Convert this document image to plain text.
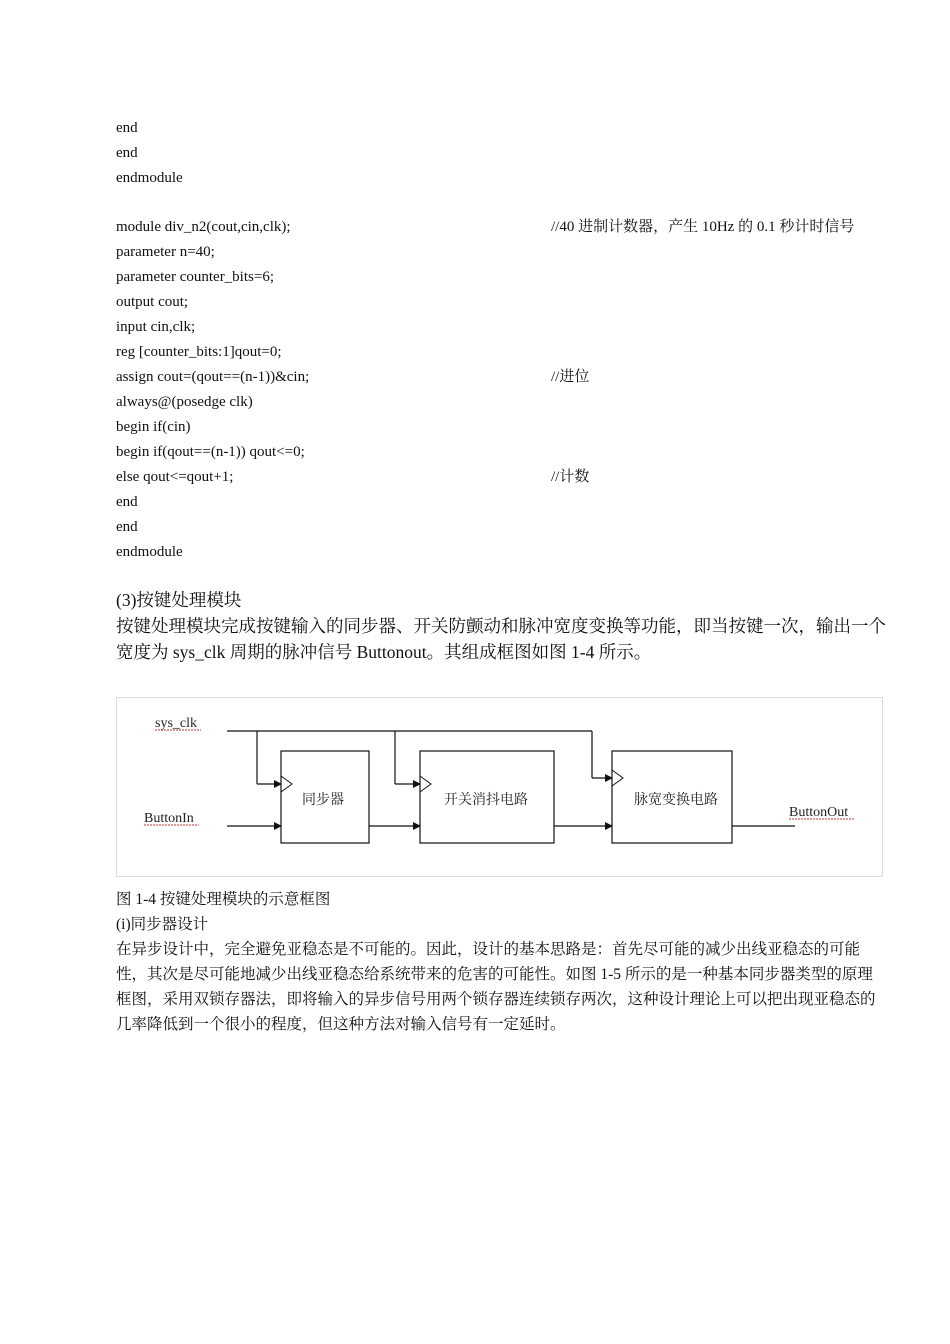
end
end
endmodule
module div_n2(cout,cin,clk);
parameter n=40;
parameter counter_bits=6;
output cout;
input cin,clk;
reg [counter_bits:1]qout=0;
assign cout=(qout==(n-1))&cin;
always@(posedge clk)
begin if(cin)
begin if(qout==(n-1)) qout<=0;
else qout<=qout+1;
end
end
endmodule
//40 进制计数器，产生 10Hz 的 0.1 秒计时信号
//进位
//计数
(3)按键处理模块
按键处理模块完成按键输入的同步器、开关防颤动和脉冲宽度变换等功能，即当按键一次，输出一个宽度为 sys_clk 周期的脉冲信号 Buttonout。其组成框图如图 1-4 所示。
sys_clk
同步器	开关消抖电路	脉宽变换电路
ButtonIn	ButtonOut
图 1-4 按键处理模块的示意框图
(i)同步器设计
在异步设计中，完全避免亚稳态是不可能的。因此，设计的基本思路是：首先尽可能的减少出线亚稳态的可能性，其次是尽可能地减少出线亚稳态给系统带来的危害的可能性。如图 1-5 所示的是一种基本同步器类型的原理框图，采用双锁存器法，即将输入的异步信号用两个锁存器连续锁存两次，这种设计理论上可以把出现亚稳态的几率降低到一个很小的程度，但这种方法对输入信号有一定延时。
